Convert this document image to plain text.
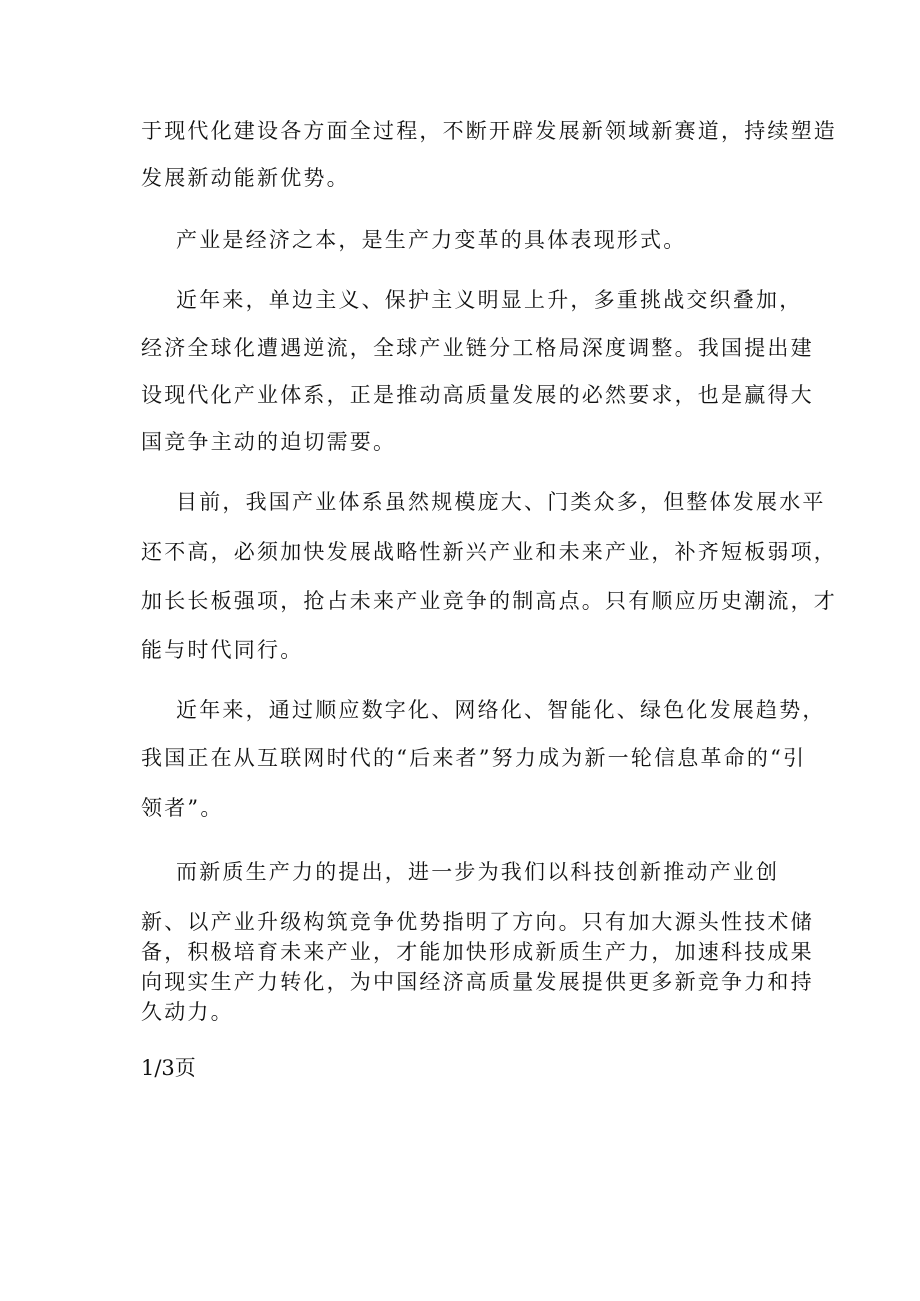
于现代化建设各方面全过程，不断开辟发展新领域新赛道，持续塑造
发展新动能新优势。
产业是经济之本，是生产力变革的具体表现形式。
近年来，单边主义、保护主义明显上升，多重挑战交织叠加，
经济全球化遭遇逆流，全球产业链分工格局深度调整。我国提出建
设现代化产业体系，正是推动高质量发展的必然要求，也是赢得大
国竞争主动的迫切需要。
目前，我国产业体系虽然规模庞大、门类众多，但整体发展水平
还不高，必须加快发展战略性新兴产业和未来产业，补齐短板弱项，
加长长板强项，抢占未来产业竞争的制高点。只有顺应历史潮流，才
能与时代同行。
近年来，通过顺应数字化、网络化、智能化、绿色化发展趋势，
我国正在从互联网时代的“后来者”努力成为新一轮信息革命的“引
领者”。
而新质生产力的提出，进一步为我们以科技创新推动产业创
新、以产业升级构筑竞争优势指明了方向。只有加大源头性技术储
备，积极培育未来产业，才能加快形成新质生产力，加速科技成果
向现实生产力转化，为中国经济高质量发展提供更多新竞争力和持
久动力。
1/3页
